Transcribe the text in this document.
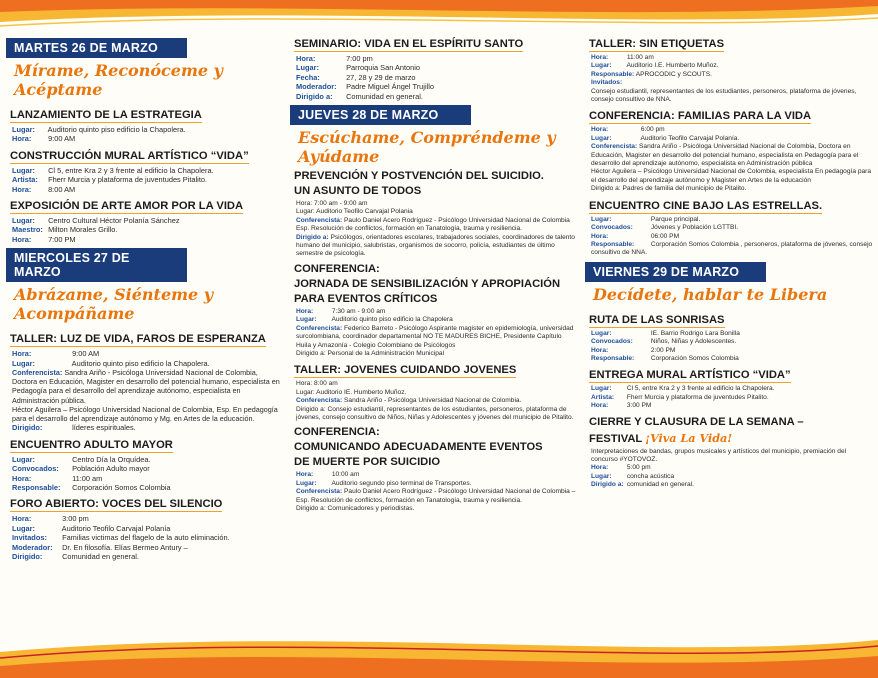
MARTES 26 DE MARZO
Mírame, Reconóceme y Acéptame
LANZAMIENTO DE LA ESTRATEGIA
Lugar: Auditorio quinto piso edificio la Chapolera.
Hora: 9:00 AM
CONSTRUCCIÓN MURAL ARTÍSTICO “VIDA”
Lugar: Cl 5, entre Kra 2 y 3 frente al edificio la Chapolera.
Artista: Fherr Murcia y plataforma de juventudes Pitalito.
Hora: 8:00 AM
EXPOSICIÓN DE ARTE AMOR POR LA VIDA
Lugar: Centro Cultural Héctor Polanía Sánchez
Maestro: Milton Morales Grillo.
Hora: 7:00 PM
MIERCOLES 27 DE MARZO
Abrázame, Siénteme y Acompáñame
TALLER: LUZ DE VIDA, FAROS DE ESPERANZA
Hora:	9:00 AM
Lugar:	Auditorio quinto piso edificio la Chapolera.
Conferencista: Sandra Ariño - Psicóloga Universidad Nacional de Colombia, Doctora en Educación, Magister en desarrollo del potencial humano, especialista en Pedagogía para el desarrollo del aprendizaje autónomo, especialista en Administración pública.
Héctor Aguilera – Psicólogo Universidad Nacional de Colombia, Esp. En pedagogía para el desarrollo del aprendizaje autónomo y Mg. en Artes de la educación.
Dirigido:	líderes espirituales.
ENCUENTRO ADULTO MAYOR
Lugar:	Centro Día la Orquídea.
Convocados: Población Adulto mayor
Hora:	11:00 am
Responsable: Corporación Somos Colombia
FORO ABIERTO: VOCES DEL SILENCIO
Hora:	3:00 pm
Lugar:	Auditorio Teofilo Carvajal Polanía
Invitados: Familias victimas del flagelo de la auto eliminación.
Moderador: Dr. En filosofía. Elías Bermeo Antury –
Dirigido:	Comunidad en general.
SEMINARIO: VIDA EN EL ESPÍRITU SANTO
Hora:	7:00 pm
Lugar:	Parroquia San Antonio
Fecha:	27, 28 y 29 de marzo
Moderador: Padre Miguel Ángel Trujillo
Dirigido a: Comunidad en general.
JUEVES 28 DE MARZO
Escúchame, Compréndeme y Ayúdame
PREVENCIÓN Y POSTVENCIÓN DEL SUICIDIO.
UN ASUNTO DE TODOS
Hora: 7:00 am - 9:00 am
Lugar: Auditorio Teofilo Carvajal Polania
Conferencista: Paulo Daniel Acero Rodríguez - Psicólogo Universidad Nacional de Colombia Esp. Resolución de conflictos, formación en Tanatología, trauma y resiliencia.
Dirigido a: Psicólogos, orientadores escolares, trabajadores sociales, coordinadores de talento humano del municipio, salubristas, organismos de socorro, policía, estudiantes de último semestre de psicología.
CONFERENCIA:
JORNADA DE SENSIBILIZACIÓN Y APROPIACIÓN
PARA EVENTOS CRÍTICOS
Hora:	7:30 am - 9:00 am
Lugar: Auditorio quinto piso edificio la Chapolera
Conferencista: Federico Barreto - Psicólogo Aspirante magister en epidemiología, universidad surcolombiana, coordinador departamental NO TE MADURES BICHE, Presidente Capítulo Huila y Amazonía - Colegio Colombiano de Psicólogos
Dirigido a: Personal de la Administración Municipal
TALLER: JOVENES CUIDANDO JOVENES
Hora: 8:00 am
Lugar: Auditorio IE. Humberto Muñoz.
Conferencista: Sandra Ariño - Psicóloga Universidad Nacional de Colombia.
Dirigido a: Consejo estudiantil, representantes de los estudiantes, personeros, plataforma de jóvenes, consejo consultivo de Niños, Niñas y Adolescentes y jóvenes del municipio de Pitalito.
CONFERENCIA:
COMUNICANDO ADECUADAMENTE EVENTOS
DE MUERTE POR SUICIDIO
Hora:	10:00 am
Lugar: Auditorio segundo piso terminal de Transportes.
Conferencista: Paulo Daniel Acero Rodríguez - Psicólogo Universidad Nacional de Colombia – Esp. Resolución de conflictos, formación en Tanatología, trauma y resiliencia.
Dirigido a: Comunicadores y periodistas.
TALLER: SIN ETIQUETAS
Hora:	11:00 am
Lugar: Auditorio I.E. Humberto Muñoz.
Responsable: APROCODIC y SCOUTS.
Invitados:
Consejo estudiantil, representantes de los estudiantes, personeros, plataforma de jóvenes, consejo consultivo de NNA.
CONFERENCIA: FAMILIAS PARA LA VIDA
Hora:	6:00 pm
Lugar:	Auditorio Teofilo Carvajal Polanía.
Conferencista: Sandra Ariño - Psicóloga Universidad Nacional de Colombia, Doctora en Educación, Magister en desarrollo del potencial humano, especialista en Pedagogía para el desarrollo del aprendizaje autónomo, especialista en Administración pública
Héctor Aguilera – Psicólogo Universidad Nacional de Colombia, especialista En pedagogía para el desarrollo del aprendizaje autónomo y Magister en Artes de la educación
Dirigido a: Padres de familia del municipio de Pitalito.
ENCUENTRO CINE BAJO LAS ESTRELLAS.
Lugar:	Parque principal.
Convocados:	Jóvenes y Población LGTTBI.
Hora:	06:00 PM
Responsable:	Corporación Somos Colombia , personeros, plataforma de jóvenes, consejo consultivo de NNA.
VIERNES 29 DE MARZO
Decídete, hablar te Libera
RUTA DE LAS SONRISAS
Lugar:	IE. Barrio Rodrigo Lara Bonilla
Convocados:	Niños, Niñas y Adolescentes.
Hora:	2:00 PM
Responsable:	Corporación Somos Colombia
ENTREGA MURAL ARTÍSTICO “VIDA”
Lugar: Cl 5, entre Kra 2 y 3 frente al edificio la Chapolera.
Artista: Fherr Murcia y plataforma de juventudes Pitalito.
Hora:	3:00 PM
CIERRE Y CLAUSURA DE LA SEMANA –
FESTIVAL ¡Viva La Vida!
Interpretaciones de bandas, grupos musicales y artísticos del municipio, premiación del concurso #YOTOVOZ.
Hora:	5:00 pm
Lugar: concha acústica
Dirigido a: comunidad en general.
